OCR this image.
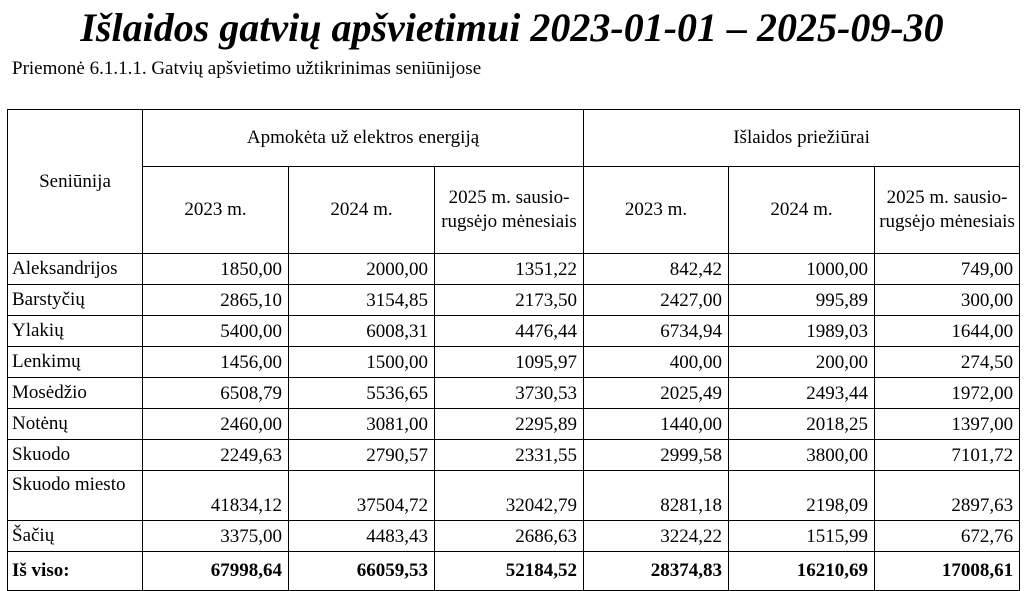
Išlaidos gatvių apšvietimui 2023-01-01 – 2025-09-30
Priemonė 6.1.1.1. Gatvių apšvietimo užtikrinimas seniūnijose
Seniūnija	Apmokėta už elektros energiją			Išlaidos priežiūrai		
	2023 m.	2024 m.	2025 m. sausio-rugsėjo mėnesiais	2023 m.	2024 m.	2025 m. sausio-rugsėjo mėnesiais
Aleksandrijos	1850,00	2000,00	1351,22	842,42	1000,00	749,00
Barstyčių	2865,10	3154,85	2173,50	2427,00	995,89	300,00
Ylakių	5400,00	6008,31	4476,44	6734,94	1989,03	1644,00
Lenkimų	1456,00	1500,00	1095,97	400,00	200,00	274,50
Mosėdžio	6508,79	5536,65	3730,53	2025,49	2493,44	1972,00
Notėnų	2460,00	3081,00	2295,89	1440,00	2018,25	1397,00
Skuodo	2249,63	2790,57	2331,55	2999,58	3800,00	7101,72
Skuodo miesto	41834,12	37504,72	32042,79	8281,18	2198,09	2897,63
Šačių	3375,00	4483,43	2686,63	3224,22	1515,99	672,76
Iš viso:	67998,64	66059,53	52184,52	28374,83	16210,69	17008,61
